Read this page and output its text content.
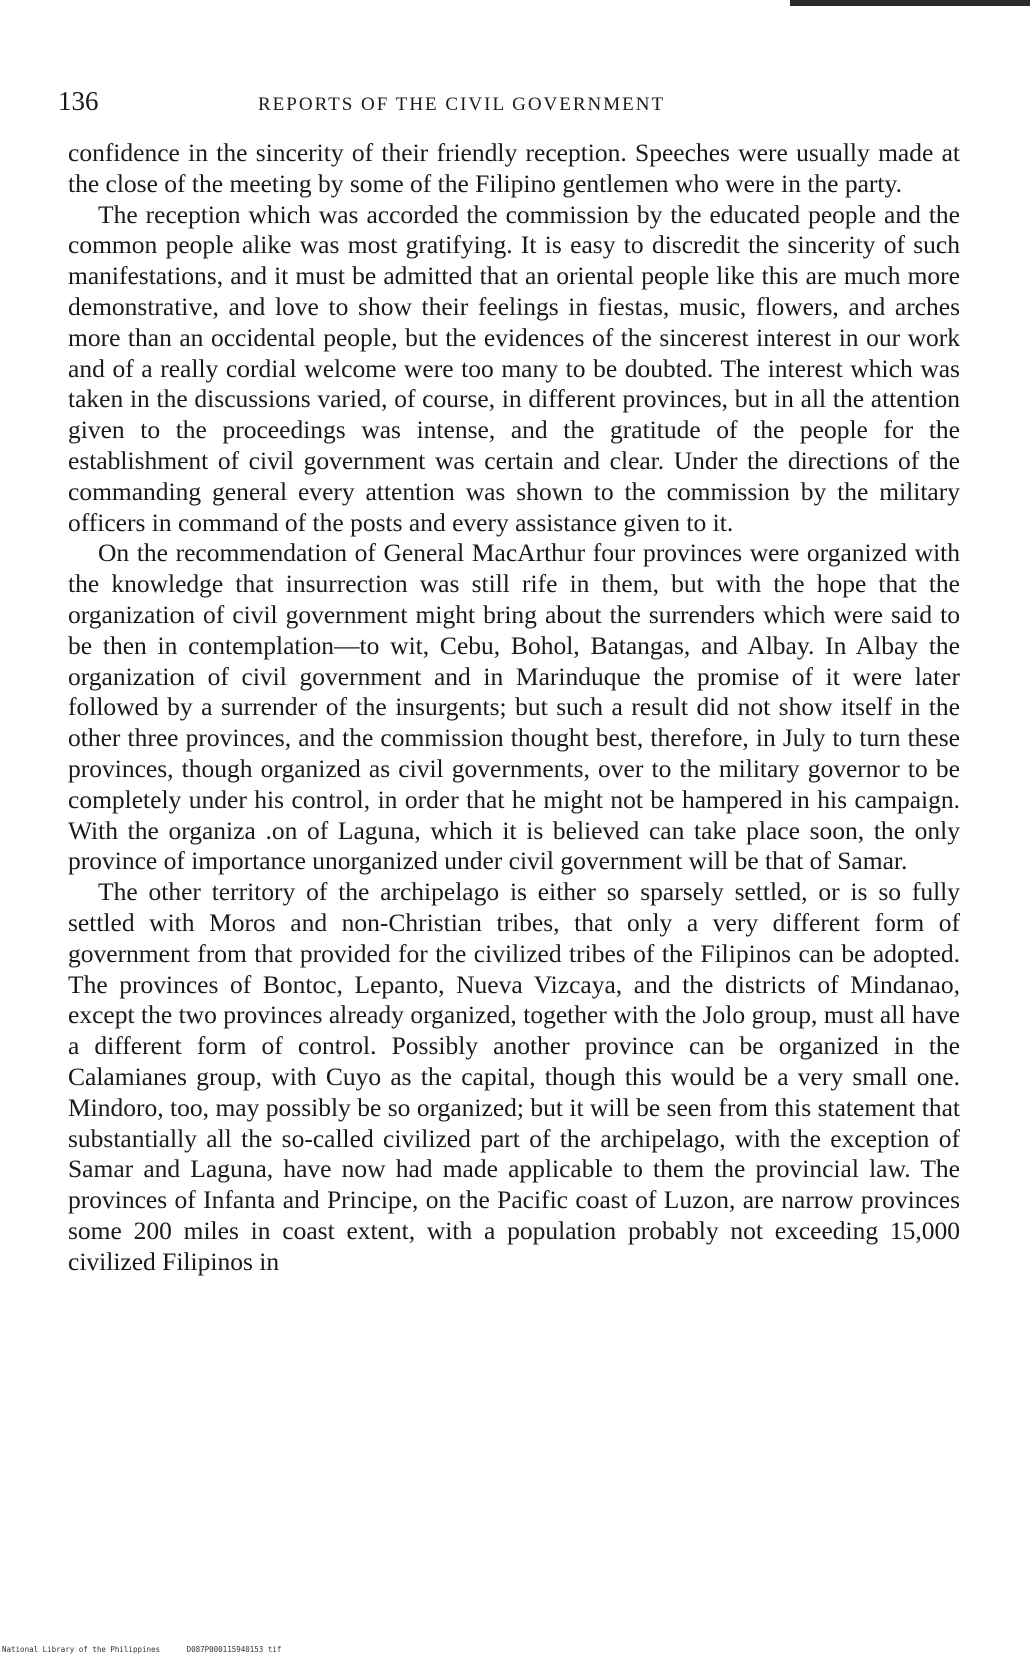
136	REPORTS OF THE CIVIL GOVERNMENT

confidence in the sincerity of their friendly reception. Speeches were usually made at the close of the meeting by some of the Filipino gentlemen who were in the party.

The reception which was accorded the commission by the educated people and the common people alike was most gratifying. It is easy to discredit the sincerity of such manifestations, and it must be admitted that an oriental people like this are much more demonstrative, and love to show their feelings in fiestas, music, flowers, and arches more than an occidental people, but the evidences of the sincerest interest in our work and of a really cordial welcome were too many to be doubted. The interest which was taken in the discussions varied, of course, in different provinces, but in all the attention given to the proceedings was intense, and the gratitude of the people for the establishment of civil government was certain and clear. Under the directions of the commanding general every attention was shown to the commission by the military officers in command of the posts and every assistance given to it.

On the recommendation of General MacArthur four provinces were organized with the knowledge that insurrection was still rife in them, but with the hope that the organization of civil government might bring about the surrenders which were said to be then in contemplation—to wit, Cebu, Bohol, Batangas, and Albay. In Albay the organization of civil government and in Marinduque the promise of it were later followed by a surrender of the insurgents; but such a result did not show itself in the other three provinces, and the commission thought best, therefore, in July to turn these provinces, though organized as civil governments, over to the military governor to be completely under his control, in order that he might not be hampered in his campaign. With the organiza .on of Laguna, which it is believed can take place soon, the only province of importance unorganized under civil government will be that of Samar.

The other territory of the archipelago is either so sparsely settled, or is so fully settled with Moros and non-Christian tribes, that only a very different form of government from that provided for the civilized tribes of the Filipinos can be adopted. The provinces of Bontoc, Lepanto, Nueva Vizcaya, and the districts of Mindanao, except the two provinces already organized, together with the Jolo group, must all have a different form of control. Possibly another province can be organized in the Calamianes group, with Cuyo as the capital, though this would be a very small one. Mindoro, too, may possibly be so organized; but it will be seen from this statement that substantially all the so-called civilized part of the archipelago, with the exception of Samar and Laguna, have now had made applicable to them the provincial law. The provinces of Infanta and Principe, on the Pacific coast of Luzon, are narrow provinces some 200 miles in coast extent, with a population probably not exceeding 15,000 civilized Filipinos in

National Library of the Philippines	D087P000115940153 tif
